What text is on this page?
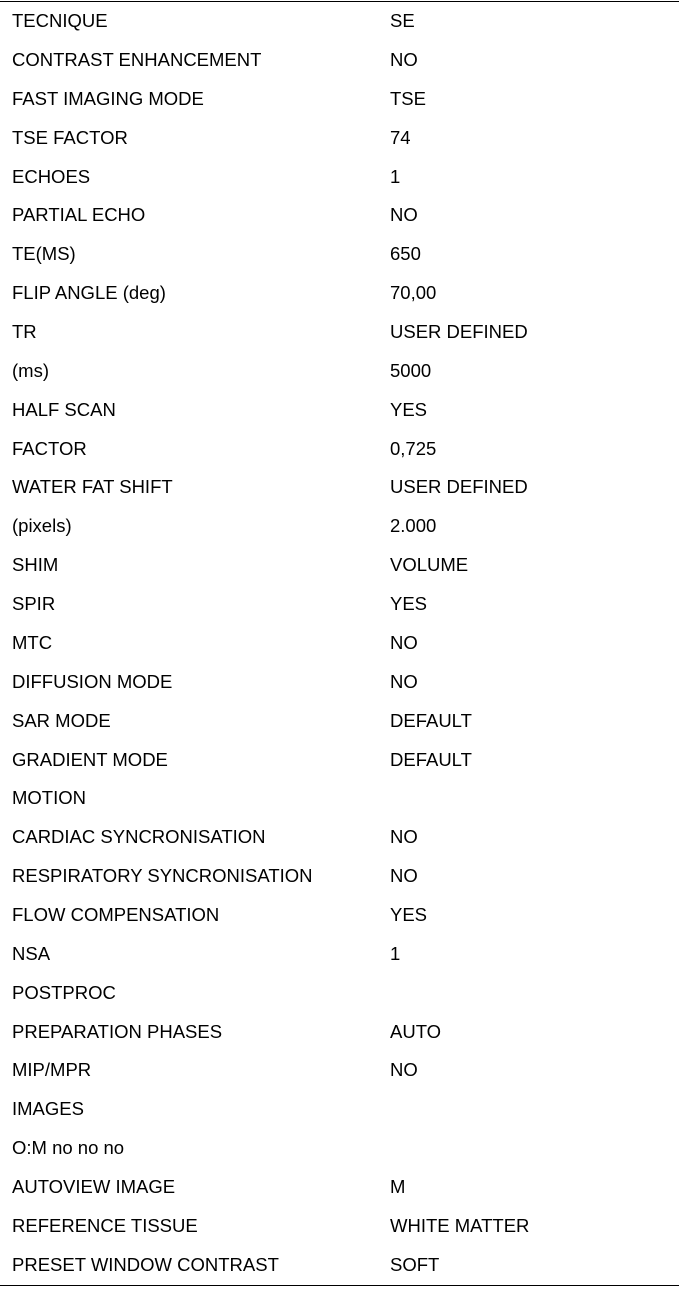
TECNIQUE	SE
CONTRAST ENHANCEMENT	NO
FAST IMAGING MODE	TSE
TSE FACTOR	74
ECHOES	1
PARTIAL ECHO	NO
TE(MS)	650
FLIP ANGLE (deg)	70,00
TR	USER DEFINED
(ms)	5000
HALF SCAN	YES
FACTOR	0,725
WATER FAT SHIFT	USER DEFINED
(pixels)	2.000
SHIM	VOLUME
SPIR	YES
MTC	NO
DIFFUSION MODE	NO
SAR MODE	DEFAULT
GRADIENT MODE	DEFAULT
MOTION	
CARDIAC SYNCRONISATION	NO
RESPIRATORY SYNCRONISATION	NO
FLOW COMPENSATION	YES
NSA	1
POSTPROC	
PREPARATION PHASES	AUTO
MIP/MPR	NO
IMAGES	
O:M no no no	
AUTOVIEW IMAGE	M
REFERENCE TISSUE	WHITE MATTER
PRESET WINDOW CONTRAST	SOFT
